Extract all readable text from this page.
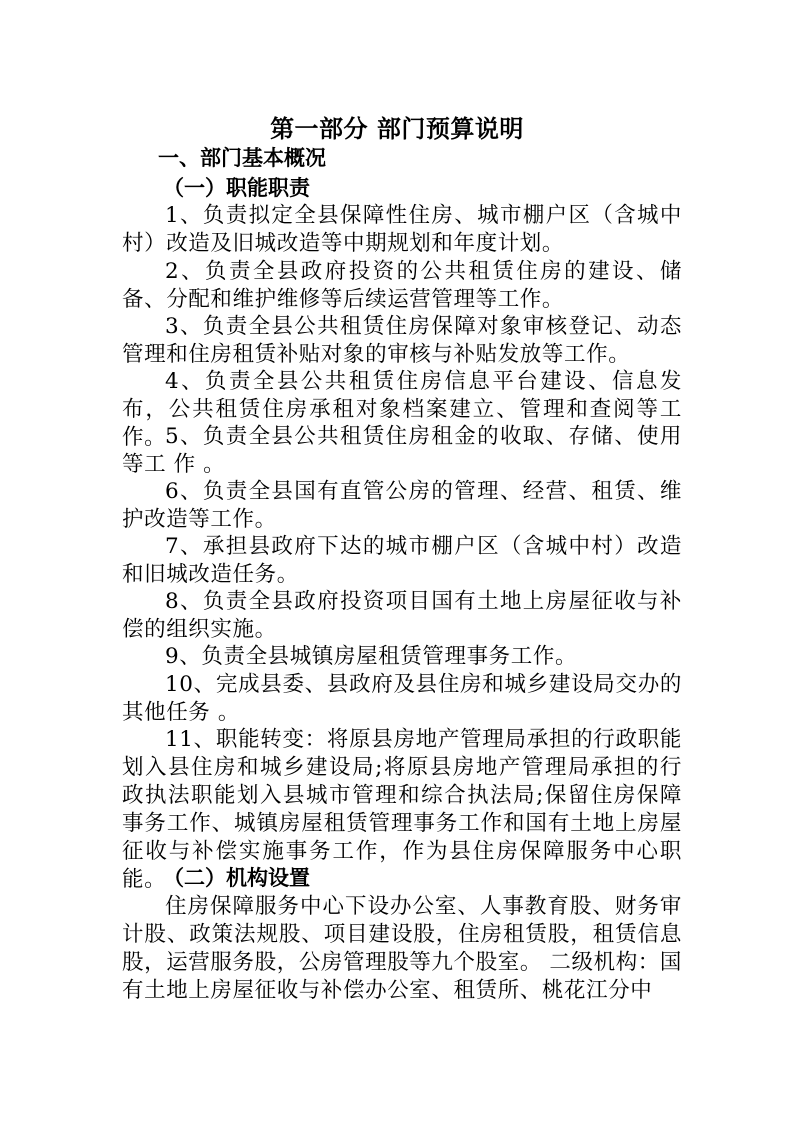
第一部分 部门预算说明
一、部门基本概况
（一）职能职责

1、负责拟定全县保障性住房、城市棚户区（含城中村）改造及旧城改造等中期规划和年度计划。

2、负责全县政府投资的公共租赁住房的建设、储备、分配和维护维修等后续运营管理等工作。

3、负责全县公共租赁住房保障对象审核登记、动态管理和住房租赁补贴对象的审核与补贴发放等工作。

4、负责全县公共租赁住房信息平台建设、信息发布，公共租赁住房承租对象档案建立、管理和查阅等工作。

5、负责全县公共租赁住房租金的收取、存储、使用等工 作 。

6、负责全县国有直管公房的管理、经营、租赁、维护改造等工作。

7、承担县政府下达的城市棚户区（含城中村）改造和旧城改造任务。

8、负责全县政府投资项目国有土地上房屋征收与补偿的组织实施。

9、负责全县城镇房屋租赁管理事务工作。

10、完成县委、县政府及县住房和城乡建设局交办的其他任务 。

11、职能转变：将原县房地产管理局承担的行政职能划入县住房和城乡建设局;将原县房地产管理局承担的行政执法职能划入县城市管理和综合执法局;保留住房保障事务工作、城镇房屋租赁管理事务工作和国有土地上房屋征收与补偿实施事务工作，作为县住房保障服务中心职能。

（二）机构设置

住房保障服务中心下设办公室、人事教育股、财务审计股、政策法规股、项目建设股，住房租赁股，租赁信息股，运营服务股，公房管理股等九个股室。 二级机构：国有土地上房屋征收与补偿办公室、租赁所、桃花江分中
